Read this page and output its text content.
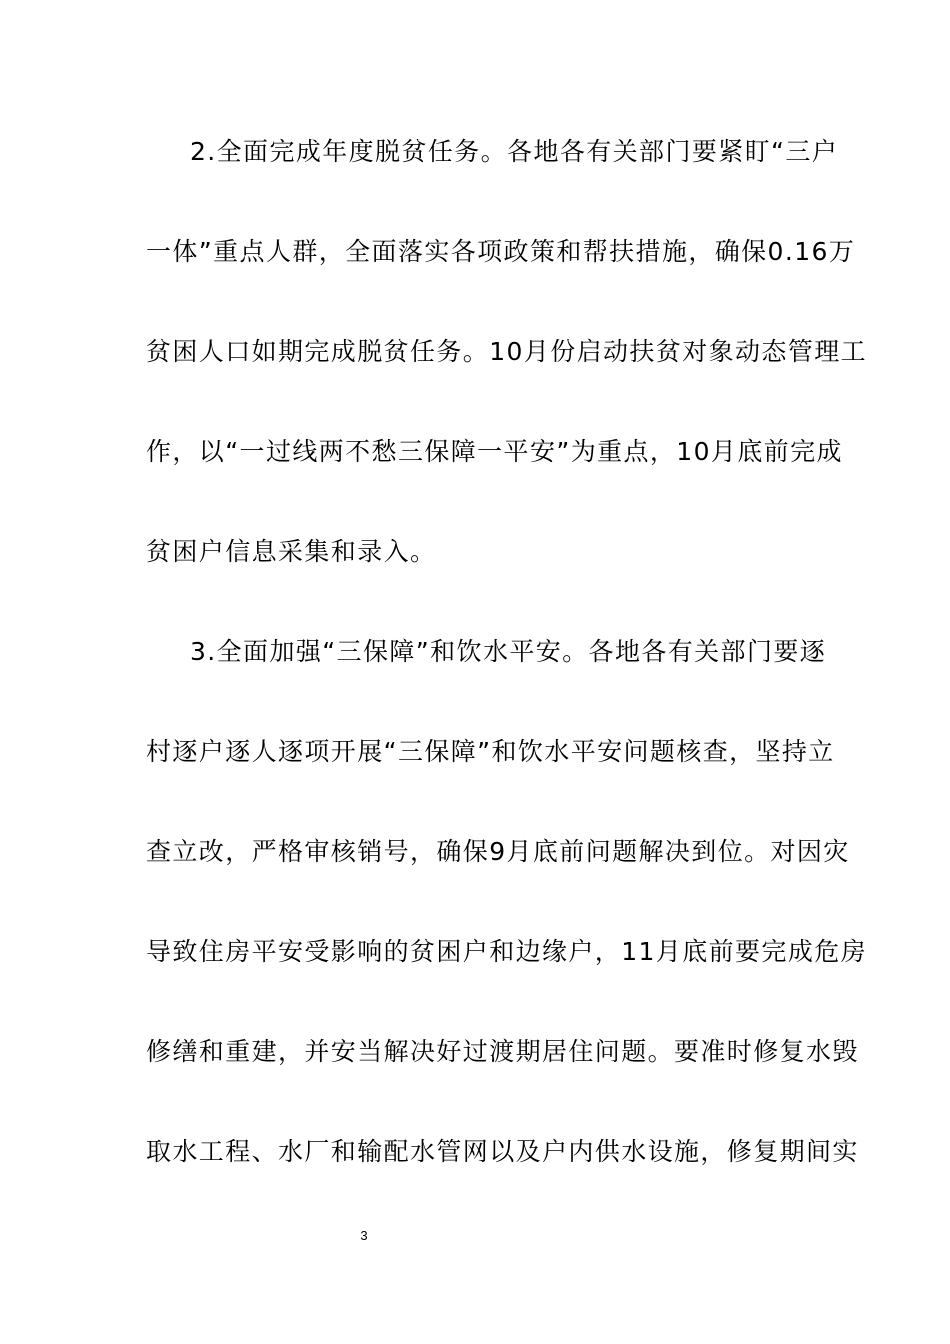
2.全面完成年度脱贫任务。各地各有关部门要紧盯“三户
一体”重点人群，全面落实各项政策和帮扶措施，确保0.16万
贫困人口如期完成脱贫任务。10月份启动扶贫对象动态管理工
作，以“一过线两不愁三保障一平安”为重点，10月底前完成
贫困户信息采集和录入。
3.全面加强“三保障”和饮水平安。各地各有关部门要逐
村逐户逐人逐项开展“三保障”和饮水平安问题核查，坚持立
查立改，严格审核销号，确保9月底前问题解决到位。对因灾
导致住房平安受影响的贫困户和边缘户，11月底前要完成危房
修缮和重建，并安当解决好过渡期居住问题。要准时修复水毁
取水工程、水厂和输配水管网以及户内供水设施，修复期间实
3
